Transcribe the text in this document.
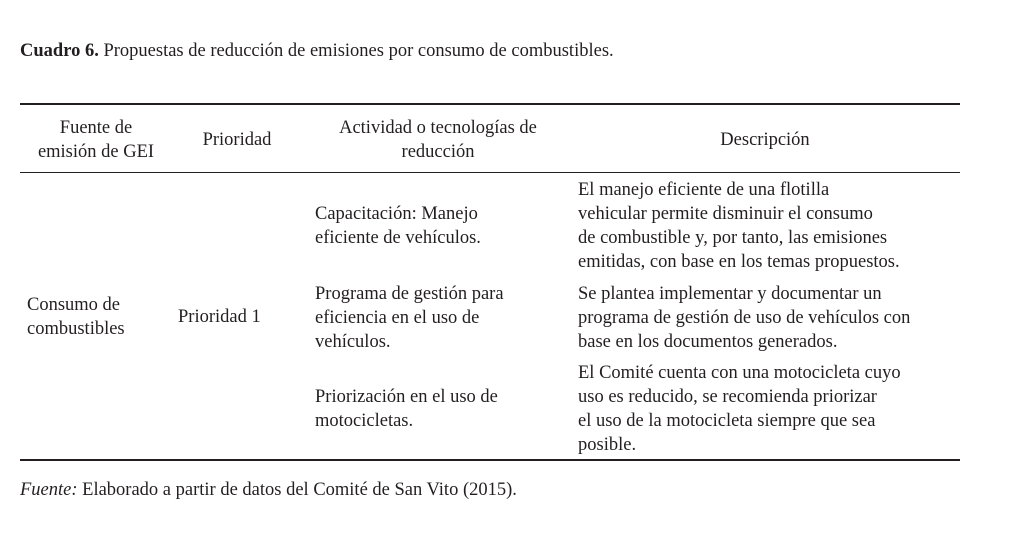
Cuadro 6. Propuestas de reducción de emisiones por consumo de combustibles.
Fuente de
emisión de GEI
Prioridad
Actividad o tecnologías de
reducción
Descripción
Consumo de
combustibles
Prioridad 1
Capacitación: Manejo
eficiente de vehículos.
El manejo eficiente de una flotilla
vehicular permite disminuir el consumo
de combustible y, por tanto, las emisiones
emitidas, con base en los temas propuestos.
Programa de gestión para
eficiencia en el uso de
vehículos.
Se plantea implementar y documentar un
programa de gestión de uso de vehículos con
base en los documentos generados.
Priorización en el uso de
motocicletas.
El Comité cuenta con una motocicleta cuyo
uso es reducido, se recomienda priorizar
el uso de la motocicleta siempre que sea
posible.
Fuente: Elaborado a partir de datos del Comité de San Vito (2015).
